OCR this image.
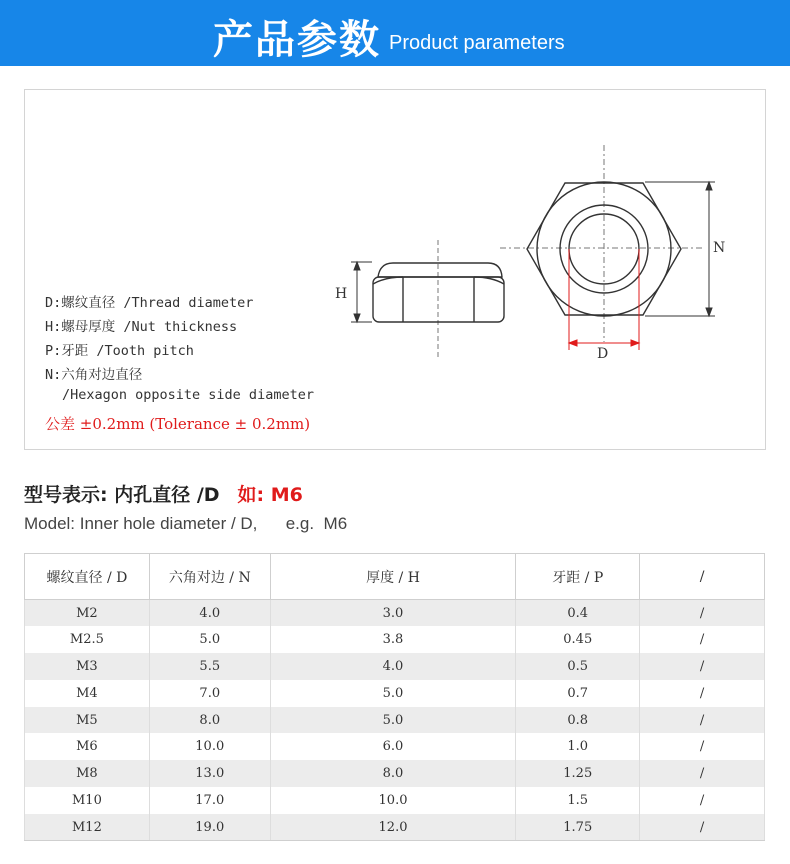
产品参数 Product parameters
H
N
D
D:螺纹直径 /Thread diameter
H:螺母厚度 /Nut thickness
P:牙距 /Tooth pitch
N:六角对边直径
/Hexagon opposite side diameter
公差 ±0.2mm (Tolerance ± 0.2mm)
型号表示: 内孔直径 /D 如: M6
Model: Inner hole diameter / D,      e.g.  M6
螺纹直径 / D	六角对边 / N	厚度 / H	牙距 / P	/
M2	4.0	3.0	0.4	/
M2.5	5.0	3.8	0.45	/
M3	5.5	4.0	0.5	/
M4	7.0	5.0	0.7	/
M5	8.0	5.0	0.8	/
M6	10.0	6.0	1.0	/
M8	13.0	8.0	1.25	/
M10	17.0	10.0	1.5	/
M12	19.0	12.0	1.75	/
